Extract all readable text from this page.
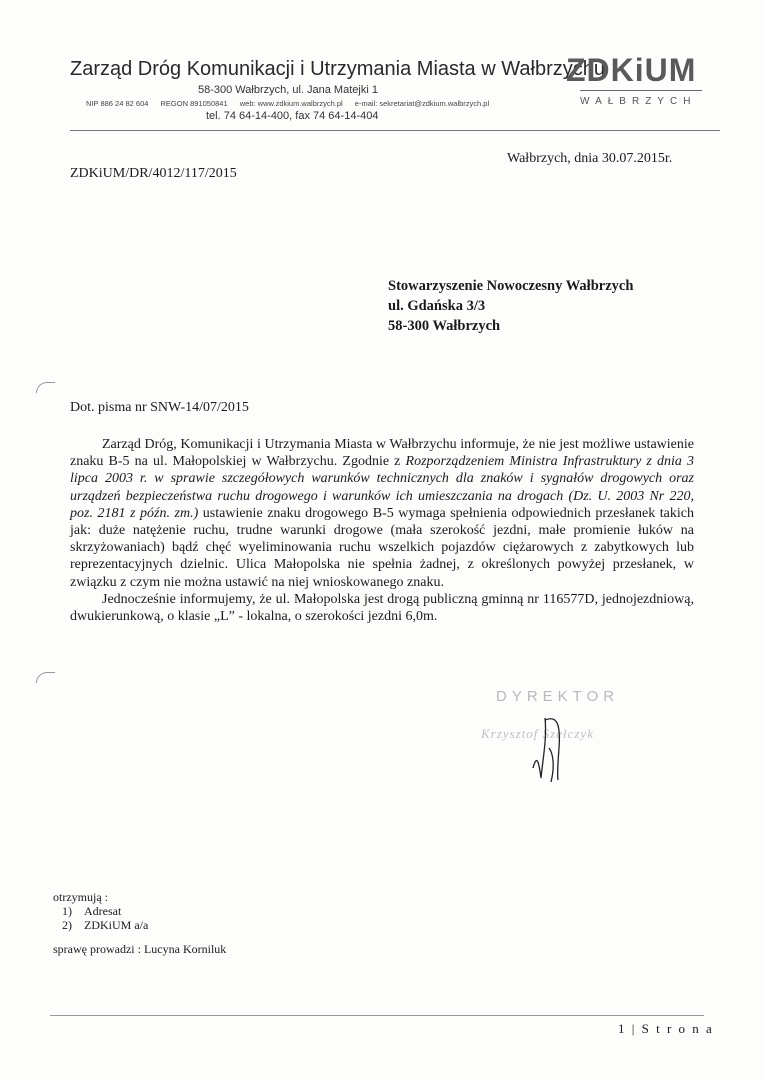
Zarząd Dróg Komunikacji i Utrzymania Miasta w Wałbrzychu
58-300 Wałbrzych, ul. Jana Matejki 1
NIP 886 24 82 604 REGON 891050841 web: www.zdkium.walbrzych.pl e-mail: sekretariat@zdkium.walbrzych.pl
tel. 74 64-14-400, fax 74 64-14-404
ZDKiUM
WAŁBRZYCH
Wałbrzych, dnia 30.07.2015r.
ZDKiUM/DR/4012/117/2015
Stowarzyszenie Nowoczesny Wałbrzych
ul. Gdańska 3/3
58-300 Wałbrzych
Dot. pisma nr SNW-14/07/2015

Zarząd Dróg, Komunikacji i Utrzymania Miasta w Wałbrzychu informuje, że nie jest możliwe ustawienie znaku B-5 na ul. Małopolskiej w Wałbrzychu. Zgodnie z Rozporządzeniem Ministra Infrastruktury z dnia 3 lipca 2003 r. w sprawie szczegółowych warunków technicznych dla znaków i sygnałów drogowych oraz urządzeń bezpieczeństwa ruchu drogowego i warunków ich umieszczania na drogach (Dz. U. 2003 Nr 220, poz. 2181 z późn. zm.) ustawienie znaku drogowego B-5 wymaga spełnienia odpowiednich przesłanek takich jak: duże natężenie ruchu, trudne warunki drogowe (mała szerokość jezdni, małe promienie łuków na skrzyżowaniach) bądź chęć wyeliminowania ruchu wszelkich pojazdów ciężarowych z zabytkowych lub reprezentacyjnych dzielnic. Ulica Małopolska nie spełnia żadnej, z określonych powyżej przesłanek, w związku z czym nie można ustawić na niej wnioskowanego znaku.

Jednocześnie informujemy, że ul. Małopolska jest drogą publiczną gminną nr 116577D, jednojezdniową, dwukierunkową, o klasie „L” - lokalna, o szerokości jezdni 6,0m.

DYREKTOR
Krzysztof Szełczyk
otrzymują :
1) Adresat
2) ZDKiUM a/a
sprawę prowadzi : Lucyna Korniluk
1 | S t r o n a
